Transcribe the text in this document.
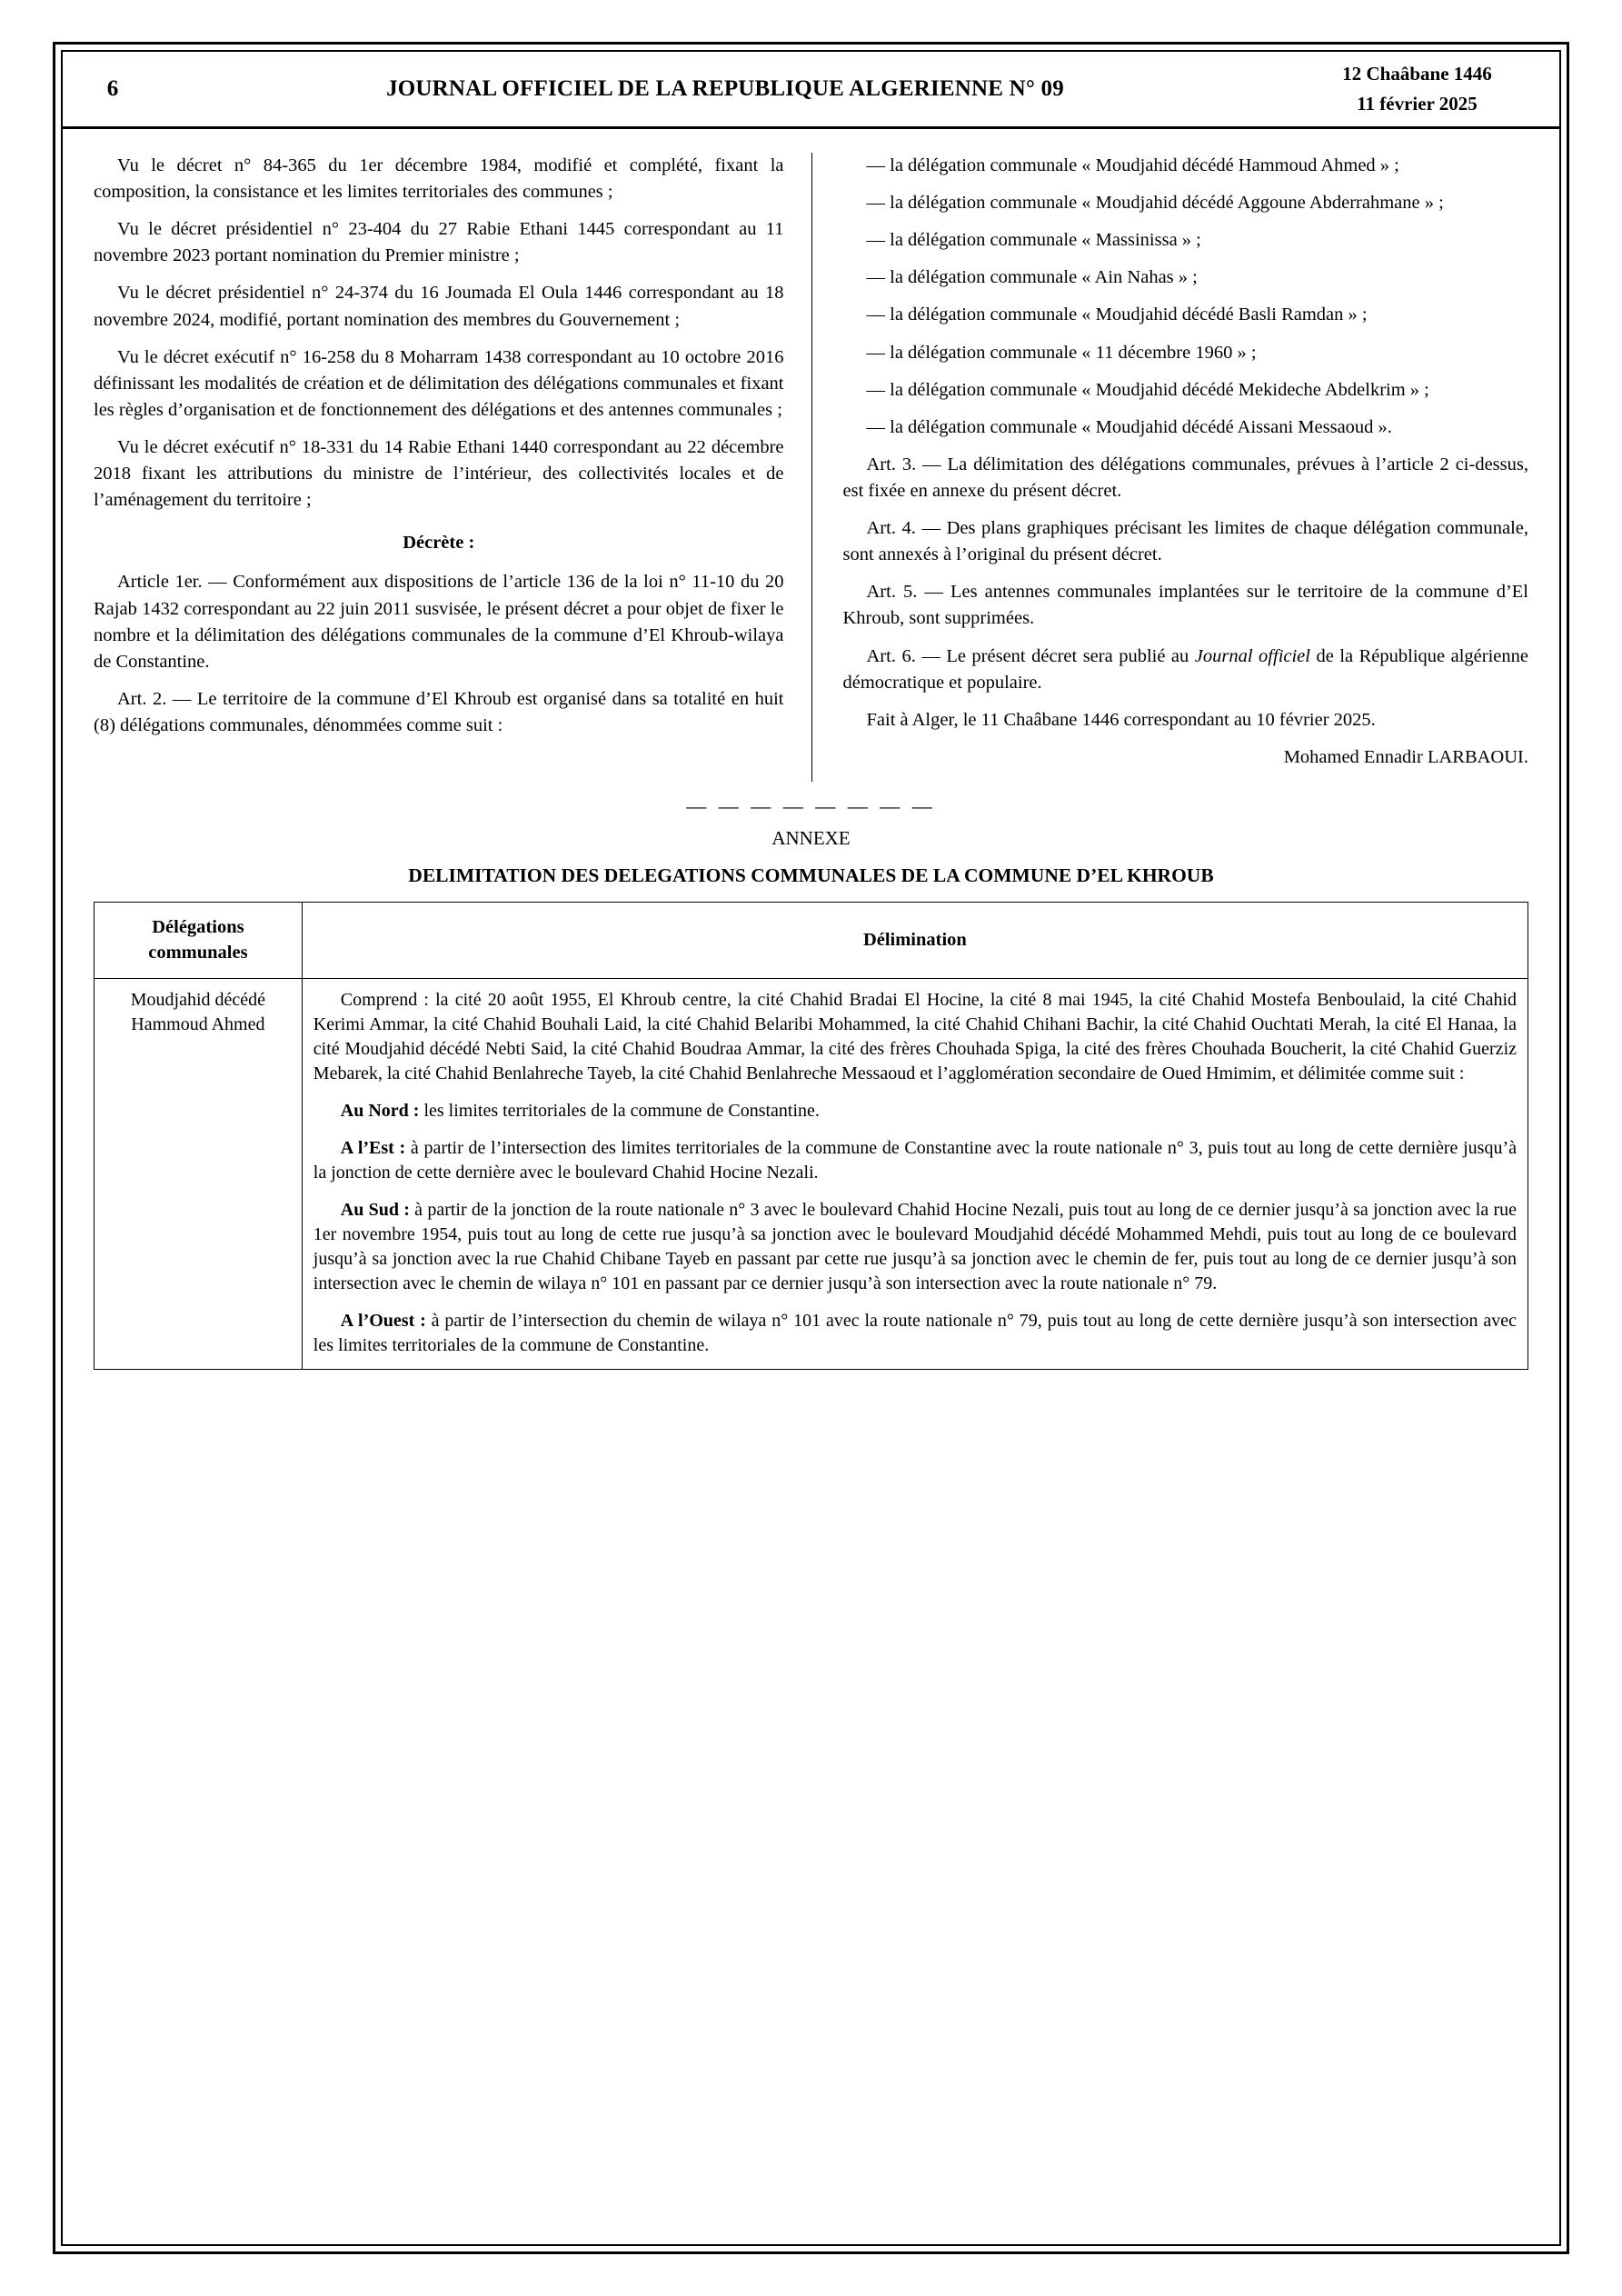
6	JOURNAL OFFICIEL DE LA REPUBLIQUE ALGERIENNE N° 09
12 Chaâbane 1446
11 février 2025

Vu le décret n° 84-365 du 1er décembre 1984, modifié et complété, fixant la composition, la consistance et les limites territoriales des communes ;

Vu le décret présidentiel n° 23-404 du 27 Rabie Ethani 1445 correspondant au 11 novembre 2023 portant nomination du Premier ministre ;

Vu le décret présidentiel n° 24-374 du 16 Joumada El Oula 1446 correspondant au 18 novembre 2024, modifié, portant nomination des membres du Gouvernement ;

Vu le décret exécutif n° 16-258 du 8 Moharram 1438 correspondant au 10 octobre 2016 définissant les modalités de création et de délimitation des délégations communales et fixant les règles d’organisation et de fonctionnement des délégations et des antennes communales ;

Vu le décret exécutif n° 18-331 du 14 Rabie Ethani 1440 correspondant au 22 décembre 2018 fixant les attributions du ministre de l’intérieur, des collectivités locales et de l’aménagement du territoire ;

Décrète :

Article 1er. — Conformément aux dispositions de l’article 136 de la loi n° 11-10 du 20 Rajab 1432 correspondant au 22 juin 2011 susvisée, le présent décret a pour objet de fixer le nombre et la délimitation des délégations communales de la commune d’El Khroub-wilaya de Constantine.

Art. 2. — Le territoire de la commune d’El Khroub est organisé dans sa totalité en huit (8) délégations communales, dénommées comme suit :

— la délégation communale « Moudjahid décédé Hammoud Ahmed » ;

— la délégation communale « Moudjahid décédé Aggoune Abderrahmane » ;

— la délégation communale « Massinissa » ;

— la délégation communale « Ain Nahas » ;

— la délégation communale « Moudjahid décédé Basli Ramdan » ;

— la délégation communale « 11 décembre 1960 » ;

— la délégation communale « Moudjahid décédé Mekideche Abdelkrim » ;

— la délégation communale « Moudjahid décédé Aissani Messaoud ».

Art. 3. — La délimitation des délégations communales, prévues à l’article 2 ci-dessus, est fixée en annexe du présent décret.

Art. 4. — Des plans graphiques précisant les limites de chaque délégation communale, sont annexés à l’original du présent décret.

Art. 5. — Les antennes communales implantées sur le territoire de la commune d’El Khroub, sont supprimées.

Art. 6. — Le présent décret sera publié au Journal officiel de la République algérienne démocratique et populaire.

Fait à Alger, le 11 Chaâbane 1446 correspondant au 10 février 2025.

Mohamed Ennadir LARBAOUI.

— — — — — — — —
ANNEXE
DELIMITATION DES DELEGATIONS COMMUNALES DE LA COMMUNE D’EL KHROUB
Délégations communales	Délimination
Moudjahid décédé Hammoud Ahmed	Comprend : la cité 20 août 1955, El Khroub centre, la cité Chahid Bradai El Hocine, la cité 8 mai 1945, la cité Chahid Mostefa Benboulaid, la cité Chahid Kerimi Ammar, la cité Chahid Bouhali Laid, la cité Chahid Belaribi Mohammed, la cité Chahid Chihani Bachir, la cité Chahid Ouchtati Merah, la cité El Hanaa, la cité Moudjahid décédé Nebti Said, la cité Chahid Boudraa Ammar, la cité des frères Chouhada Spiga, la cité des frères Chouhada Boucherit, la cité Chahid Guerziz Mebarek, la cité Chahid Benlahreche Tayeb, la cité Chahid Benlahreche Messaoud et l’agglomération secondaire de Oued Hmimim, et délimitée comme suit :

Au Nord : les limites territoriales de la commune de Constantine.

A l’Est : à partir de l’intersection des limites territoriales de la commune de Constantine avec la route nationale n° 3, puis tout au long de cette dernière jusqu’à la jonction de cette dernière avec le boulevard Chahid Hocine Nezali.

Au Sud : à partir de la jonction de la route nationale n° 3 avec le boulevard Chahid Hocine Nezali, puis tout au long de ce dernier jusqu’à sa jonction avec la rue 1er novembre 1954, puis tout au long de cette rue jusqu’à sa jonction avec le boulevard Moudjahid décédé Mohammed Mehdi, puis tout au long de ce boulevard jusqu’à sa jonction avec la rue Chahid Chibane Tayeb en passant par cette rue jusqu’à sa jonction avec le chemin de fer, puis tout au long de ce dernier jusqu’à son intersection avec le chemin de wilaya n° 101 en passant par ce dernier jusqu’à son intersection avec la route nationale n° 79.

A l’Ouest : à partir de l’intersection du chemin de wilaya n° 101 avec la route nationale n° 79, puis tout au long de cette dernière jusqu’à son intersection avec les limites territoriales de la commune de Constantine.
